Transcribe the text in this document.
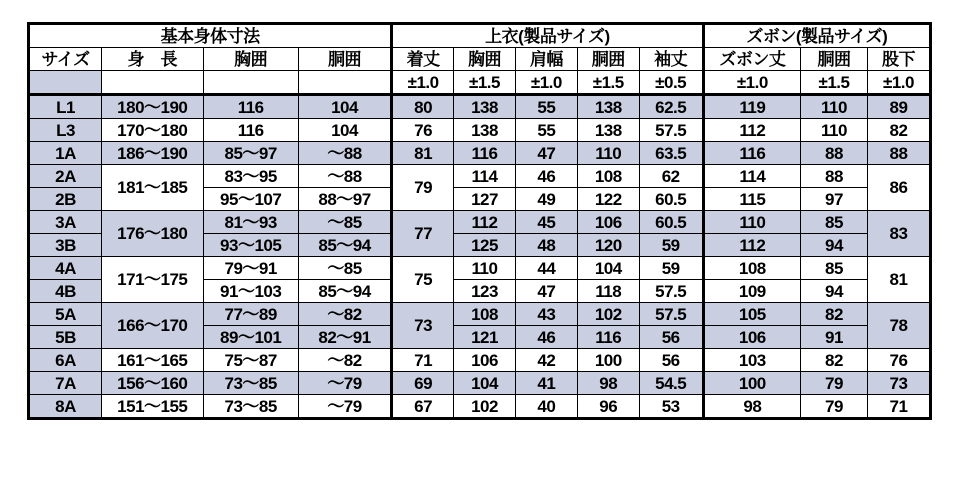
基本身体寸法				上衣(製品サイズ)					ズボン(製品サイズ)		
サイズ	身　長	胸囲	胴囲	着丈	胸囲	肩幅	胴囲	袖丈	ズボン丈	胴囲	股下
				±1.0	±1.5	±1.0	±1.5	±0.5	±1.0	±1.5	±1.0
L1	180〜190	116	104	80	138	55	138	62.5	119	110	89
L3	170〜180	116	104	76	138	55	138	57.5	112	110	82
1A	186〜190	85〜97	〜88	81	116	47	110	63.5	116	88	88
2A	181〜185	83〜95	〜88	79	114	46	108	62	114	88	86
2B		95〜107	88〜97		127	49	122	60.5	115	97	
3A	176〜180	81〜93	〜85	77	112	45	106	60.5	110	85	83
3B		93〜105	85〜94		125	48	120	59	112	94	
4A	171〜175	79〜91	〜85	75	110	44	104	59	108	85	81
4B		91〜103	85〜94		123	47	118	57.5	109	94	
5A	166〜170	77〜89	〜82	73	108	43	102	57.5	105	82	78
5B		89〜101	82〜91		121	46	116	56	106	91	
6A	161〜165	75〜87	〜82	71	106	42	100	56	103	82	76
7A	156〜160	73〜85	〜79	69	104	41	98	54.5	100	79	73
8A	151〜155	73〜85	〜79	67	102	40	96	53	98	79	71
